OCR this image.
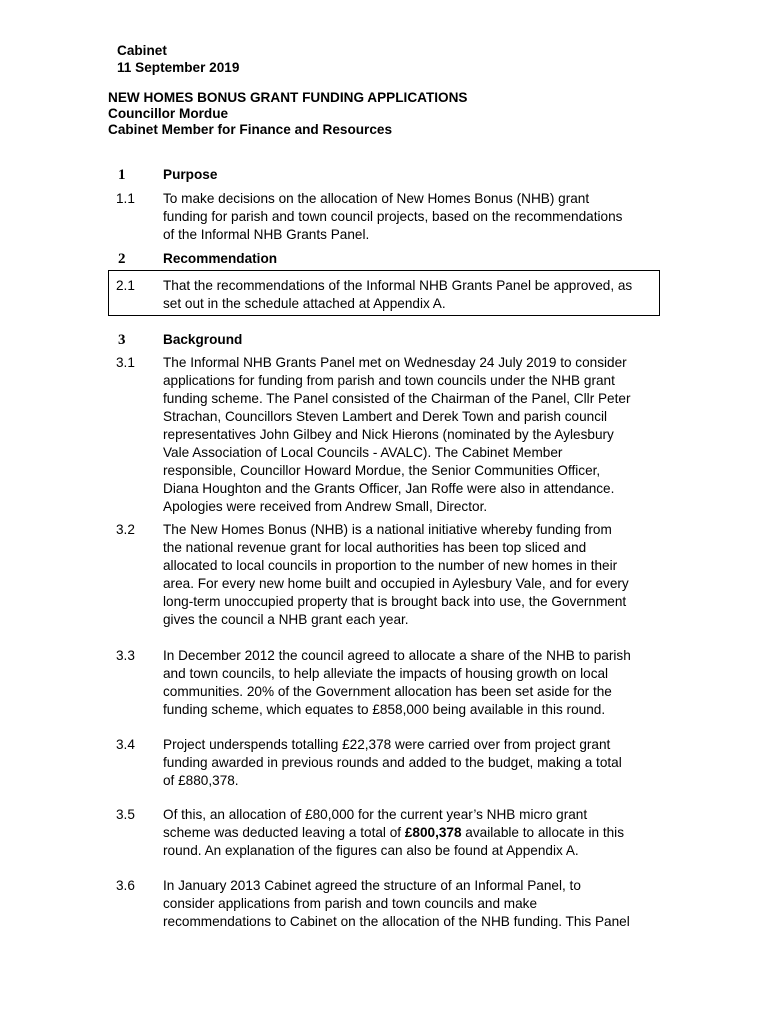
Cabinet
11 September 2019
NEW HOMES BONUS GRANT FUNDING APPLICATIONS
Councillor Mordue
Cabinet Member for Finance and Resources
1	Purpose
1.1 To make decisions on the allocation of New Homes Bonus (NHB) grant
funding for parish and town council projects, based on the recommendations
of the Informal NHB Grants Panel.
2	Recommendation
2.1 That the recommendations of the Informal NHB Grants Panel be approved, as
set out in the schedule attached at Appendix A.
3	Background
3.1 The Informal NHB Grants Panel met on Wednesday 24 July 2019 to consider
applications for funding from parish and town councils under the NHB grant
funding scheme. The Panel consisted of the Chairman of the Panel, Cllr Peter
Strachan, Councillors Steven Lambert and Derek Town and parish council
representatives John Gilbey and Nick Hierons (nominated by the Aylesbury
Vale Association of Local Councils - AVALC). The Cabinet Member
responsible, Councillor Howard Mordue, the Senior Communities Officer,
Diana Houghton and the Grants Officer, Jan Roffe were also in attendance.
Apologies were received from Andrew Small, Director.
3.2 The New Homes Bonus (NHB) is a national initiative whereby funding from
the national revenue grant for local authorities has been top sliced and
allocated to local councils in proportion to the number of new homes in their
area. For every new home built and occupied in Aylesbury Vale, and for every
long-term unoccupied property that is brought back into use, the Government
gives the council a NHB grant each year.
3.3 In December 2012 the council agreed to allocate a share of the NHB to parish
and town councils, to help alleviate the impacts of housing growth on local
communities. 20% of the Government allocation has been set aside for the
funding scheme, which equates to £858,000 being available in this round.
3.4 Project underspends totalling £22,378 were carried over from project grant
funding awarded in previous rounds and added to the budget, making a total
of £880,378.
3.5 Of this, an allocation of £80,000 for the current year’s NHB micro grant
scheme was deducted leaving a total of £800,378 available to allocate in this
round. An explanation of the figures can also be found at Appendix A.
3.6 In January 2013 Cabinet agreed the structure of an Informal Panel, to
consider applications from parish and town councils and make
recommendations to Cabinet on the allocation of the NHB funding. This Panel
